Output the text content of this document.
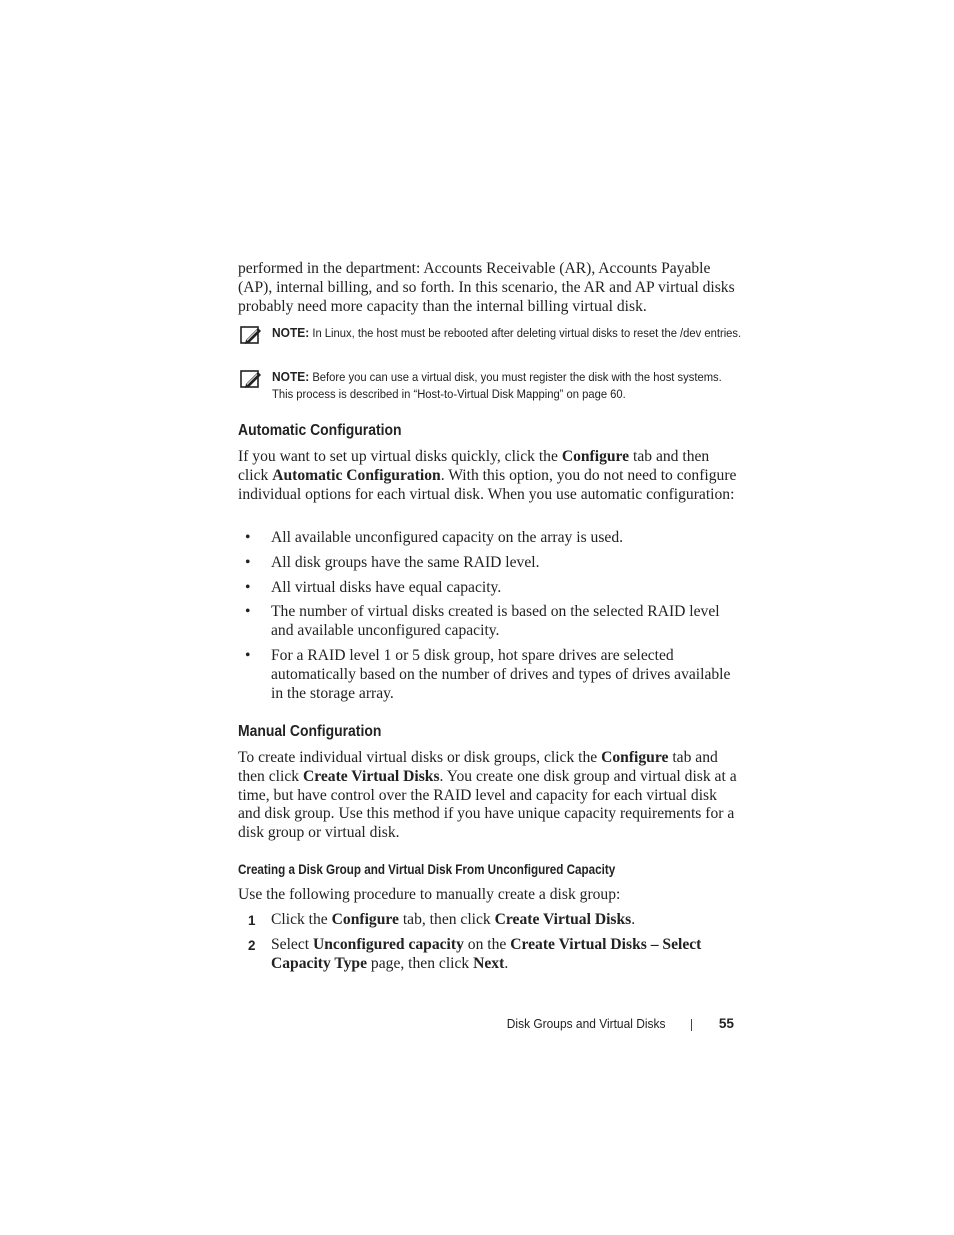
performed in the department: Accounts Receivable (AR), Accounts Payable (AP), internal billing, and so forth. In this scenario, the AR and AP virtual disks probably need more capacity than the internal billing virtual disk.

NOTE: In Linux, the host must be rebooted after deleting virtual disks to reset the /dev entries.
NOTE: Before you can use a virtual disk, you must register the disk with the host systems. This process is described in “Host-to-Virtual Disk Mapping” on page 60.
Automatic Configuration

If you want to set up virtual disks quickly, click the Configure tab and then click Automatic Configuration. With this option, you do not need to configure individual options for each virtual disk. When you use automatic configuration:

• All available unconfigured capacity on the array is used.
• All disk groups have the same RAID level.
• All virtual disks have equal capacity.
• The number of virtual disks created is based on the selected RAID level and available unconfigured capacity.
• For a RAID level 1 or 5 disk group, hot spare drives are selected automatically based on the number of drives and types of drives available in the storage array.
Manual Configuration

To create individual virtual disks or disk groups, click the Configure tab and then click Create Virtual Disks. You create one disk group and virtual disk at a time, but have control over the RAID level and capacity for each virtual disk and disk group. Use this method if you have unique capacity requirements for a disk group or virtual disk.

Creating a Disk Group and Virtual Disk From Unconfigured Capacity

Use the following procedure to manually create a disk group:

1 Click the Configure tab, then click Create Virtual Disks.
2 Select Unconfigured capacity on the Create Virtual Disks – Select Capacity Type page, then click Next.
Disk Groups and Virtual Disks	55
